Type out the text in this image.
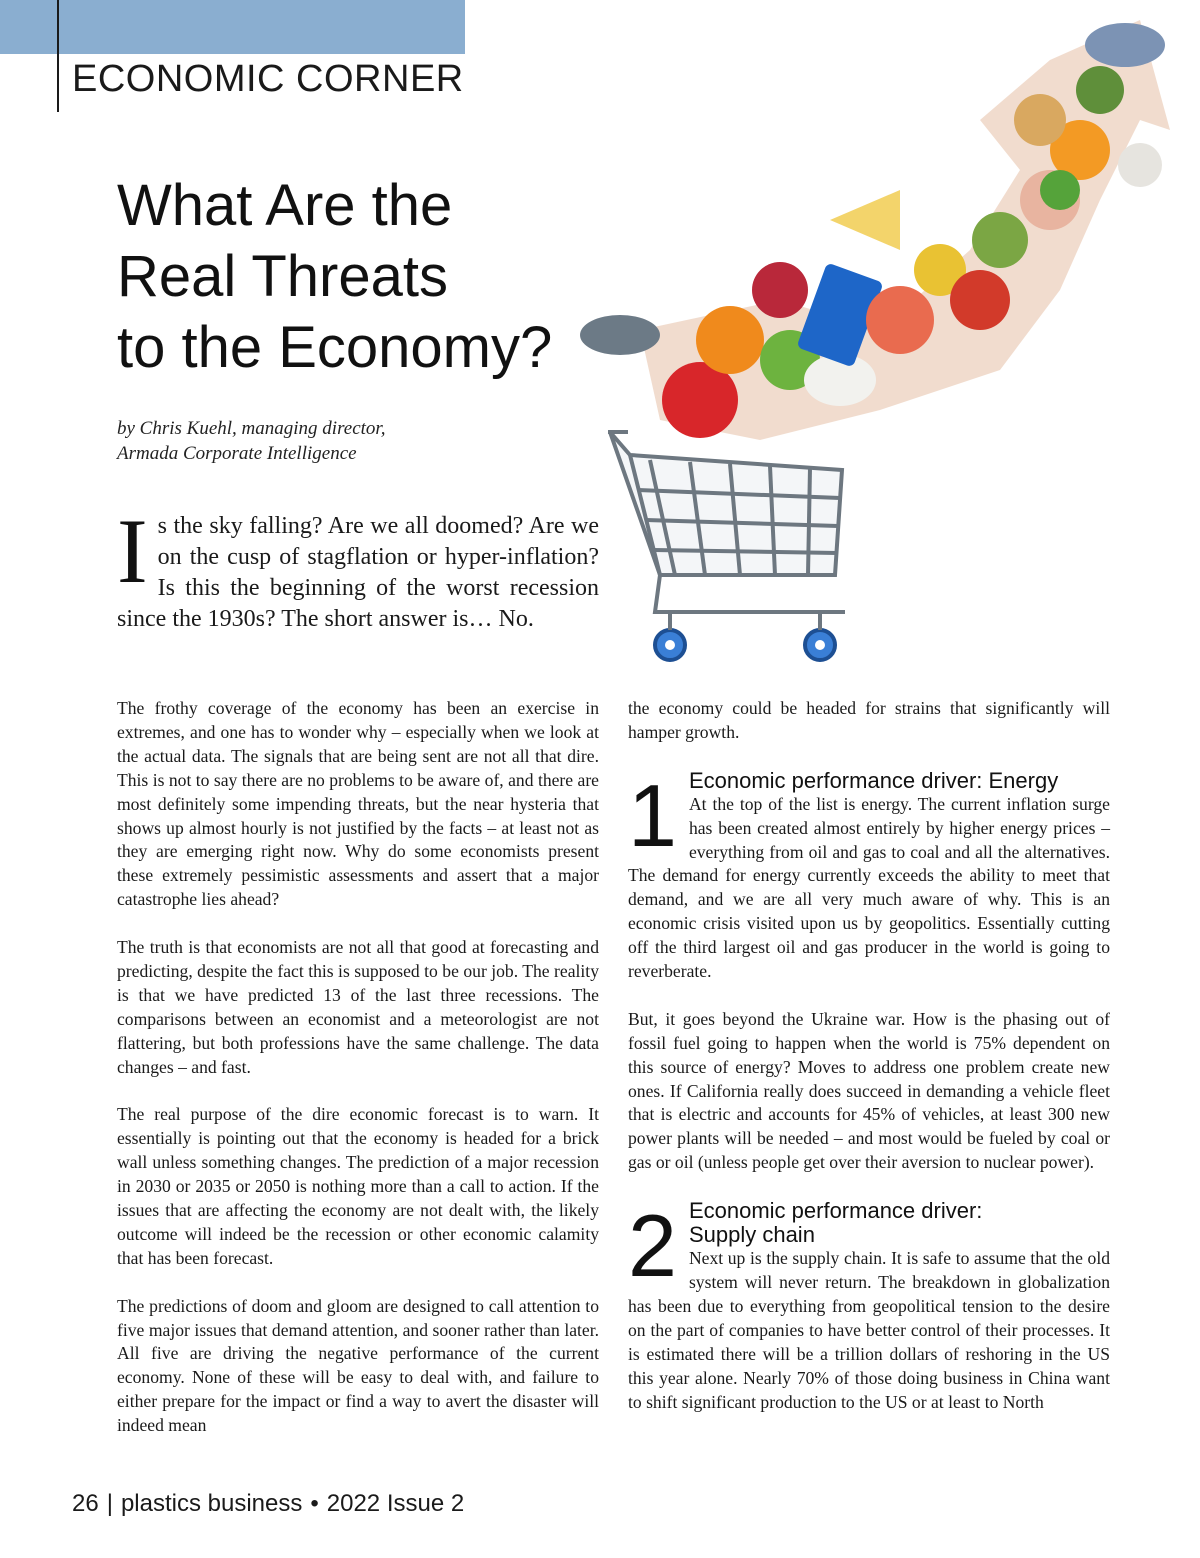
ECONOMIC CORNER
What Are the
Real Threats
to the Economy?
by Chris Kuehl, managing director,
Armada Corporate Intelligence

Is the sky falling? Are we all doomed? Are we on the cusp of stagflation or hyper-inflation? Is this the beginning of the worst recession since the 1930s? The short answer is… No.

The frothy coverage of the economy has been an exercise in extremes, and one has to wonder why – especially when we look at the actual data. The signals that are being sent are not all that dire. This is not to say there are no problems to be aware of, and there are most definitely some impending threats, but the near hysteria that shows up almost hourly is not justified by the facts – at least not as they are emerging right now. Why do some economists present these extremely pessimistic assessments and assert that a major catastrophe lies ahead?

The truth is that economists are not all that good at forecasting and predicting, despite the fact this is supposed to be our job. The reality is that we have predicted 13 of the last three recessions. The comparisons between an economist and a meteorologist are not flattering, but both professions have the same challenge. The data changes – and fast.

The real purpose of the dire economic forecast is to warn. It essentially is pointing out that the economy is headed for a brick wall unless something changes. The prediction of a major recession in 2030 or 2035 or 2050 is nothing more than a call to action. If the issues that are affecting the economy are not dealt with, the likely outcome will indeed be the recession or other economic calamity that has been forecast.

The predictions of doom and gloom are designed to call attention to five major issues that demand attention, and sooner rather than later. All five are driving the negative performance of the current economy. None of these will be easy to deal with, and failure to either prepare for the impact or find a way to avert the disaster will indeed mean

the economy could be headed for strains that significantly will hamper growth.

1 Economic performance driver: Energy

At the top of the list is energy. The current inflation surge has been created almost entirely by higher energy prices – everything from oil and gas to coal and all the alternatives. The demand for energy currently exceeds the ability to meet that demand, and we are all very much aware of why. This is an economic crisis visited upon us by geopolitics. Essentially cutting off the third largest oil and gas producer in the world is going to reverberate.

But, it goes beyond the Ukraine war. How is the phasing out of fossil fuel going to happen when the world is 75% dependent on this source of energy? Moves to address one problem create new ones. If California really does succeed in demanding a vehicle fleet that is electric and accounts for 45% of vehicles, at least 300 new power plants will be needed – and most would be fueled by coal or gas or oil (unless people get over their aversion to nuclear power).

2 Economic performance driver:
Supply chain

Next up is the supply chain. It is safe to assume that the old system will never return. The breakdown in globalization has been due to everything from geopolitical tension to the desire on the part of companies to have better control of their processes. It is estimated there will be a trillion dollars of reshoring in the US this year alone. Nearly 70% of those doing business in China want to shift significant production to the US or at least to North

26 | plastics business • 2022 Issue 2
